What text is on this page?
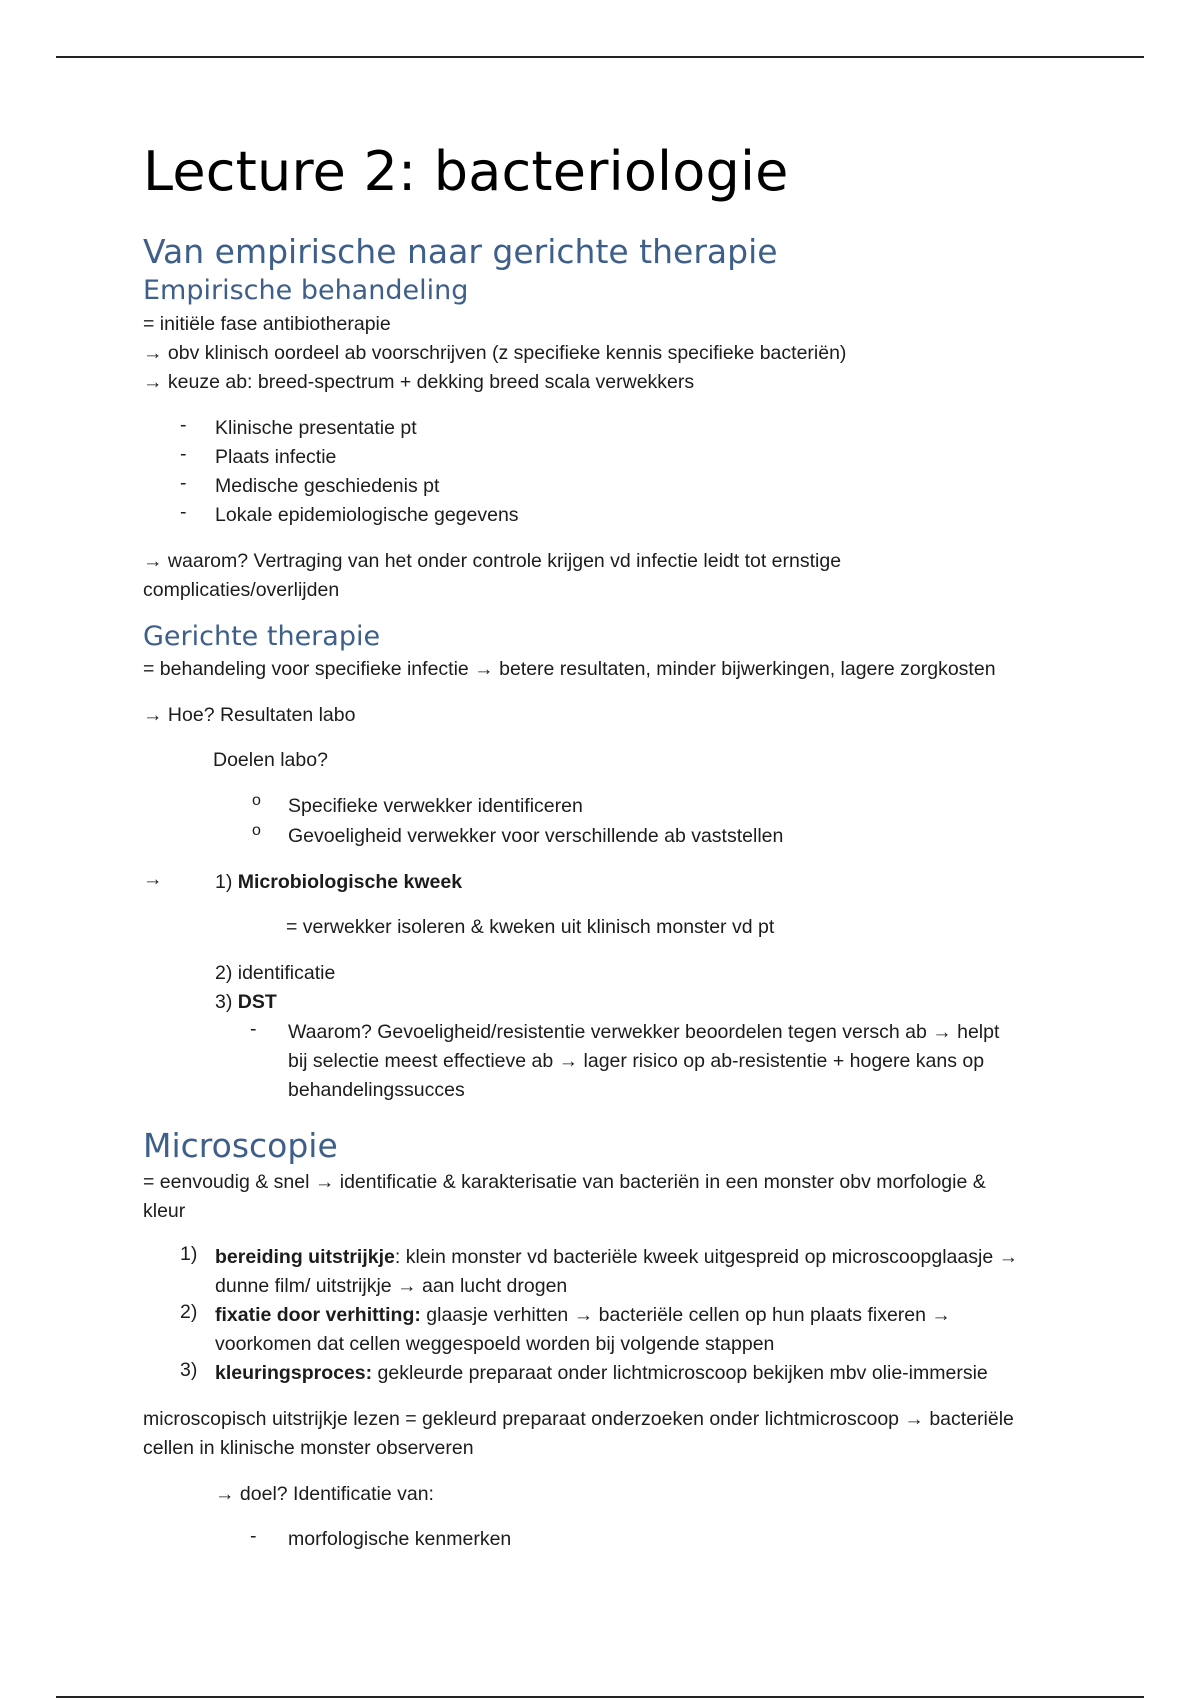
Lecture 2: bacteriologie
Van empirische naar gerichte therapie
Empirische behandeling
= initiële fase antibiotherapie
→ obv klinisch oordeel ab voorschrijven (z specifieke kennis specifieke bacteriën)
→ keuze ab: breed-spectrum + dekking breed scala verwekkers
- Klinische presentatie pt
- Plaats infectie
- Medische geschiedenis pt
- Lokale epidemiologische gegevens
→ waarom? Vertraging van het onder controle krijgen vd infectie leidt tot ernstige
complicaties/overlijden
Gerichte therapie
= behandeling voor specifieke infectie → betere resultaten, minder bijwerkingen, lagere zorgkosten
→ Hoe? Resultaten labo
Doelen labo?
o Specifieke verwekker identificeren
o Gevoeligheid verwekker voor verschillende ab vaststellen
→	1) Microbiologische kweek
= verwekker isoleren & kweken uit klinisch monster vd pt
2) identificatie
3) DST
- Waarom? Gevoeligheid/resistentie verwekker beoordelen tegen versch ab → helpt
bij selectie meest effectieve ab → lager risico op ab-resistentie + hogere kans op
behandelingssucces
Microscopie
= eenvoudig & snel → identificatie & karakterisatie van bacteriën in een monster obv morfologie &
kleur
1) bereiding uitstrijkje: klein monster vd bacteriële kweek uitgespreid op microscoopglaasje →
dunne film/ uitstrijkje → aan lucht drogen
2) fixatie door verhitting: glaasje verhitten → bacteriële cellen op hun plaats fixeren →
voorkomen dat cellen weggespoeld worden bij volgende stappen
3) kleuringsproces: gekleurde preparaat onder lichtmicroscoop bekijken mbv olie-immersie
microscopisch uitstrijkje lezen = gekleurd preparaat onderzoeken onder lichtmicroscoop → bacteriële
cellen in klinische monster observeren
→ doel? Identificatie van:
- morfologische kenmerken
